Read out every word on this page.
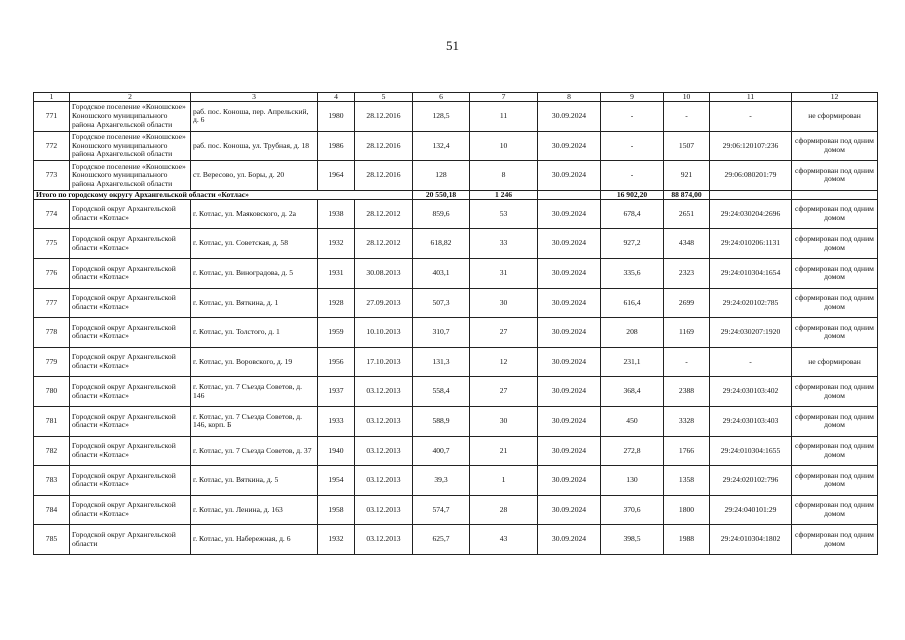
51
1	2	3	4	5	6	7	8	9	10	11	12
771	Городское поселение «Коношское» Коношского муниципального района Архангельской области	раб. пос. Коноша, пер. Апрельский, д. 6	1980	28.12.2016	128,5	11	30.09.2024	-	-	-	не сформирован
772	Городское поселение «Коношское» Коношского муниципального района Архангельской области	раб. пос. Коноша, ул. Трубная, д. 18	1986	28.12.2016	132,4	10	30.09.2024	-	1507	29:06:120107:236	сформирован под одним домом
773	Городское поселение «Коношское» Коношского муниципального района Архангельской области	ст. Вересово, ул. Боры, д. 20	1964	28.12.2016	128	8	30.09.2024	-	921	29:06:080201:79	сформирован под одним домом
Итого по городскому округу Архангельской области «Котлас»					20 550,18	1 246		16 902,20	88 874,00		
774	Городской округ Архангельской области «Котлас»	г. Котлас, ул. Маяковского, д. 2а	1938	28.12.2012	859,6	53	30.09.2024	678,4	2651	29:24:030204:2696	сформирован под одним домом
775	Городской округ Архангельской области «Котлас»	г. Котлас, ул. Советская, д. 58	1932	28.12.2012	618,82	33	30.09.2024	927,2	4348	29:24:010206:1131	сформирован под одним домом
776	Городской округ Архангельской области «Котлас»	г. Котлас, ул. Виноградова, д. 5	1931	30.08.2013	403,1	31	30.09.2024	335,6	2323	29:24:010304:1654	сформирован под одним домом
777	Городской округ Архангельской области «Котлас»	г. Котлас, ул. Вяткина, д. 1	1928	27.09.2013	507,3	30	30.09.2024	616,4	2699	29:24:020102:785	сформирован под одним домом
778	Городской округ Архангельской области «Котлас»	г. Котлас, ул. Толстого, д. 1	1959	10.10.2013	310,7	27	30.09.2024	208	1169	29:24:030207:1920	сформирован под одним домом
779	Городской округ Архангельской области «Котлас»	г. Котлас, ул. Воровского, д. 19	1956	17.10.2013	131,3	12	30.09.2024	231,1	-	-	не сформирован
780	Городской округ Архангельской области «Котлас»	г. Котлас, ул. 7 Съезда Советов, д. 146	1937	03.12.2013	558,4	27	30.09.2024	368,4	2388	29:24:030103:402	сформирован под одним домом
781	Городской округ Архангельской области «Котлас»	г. Котлас, ул. 7 Съезда Советов, д. 146, корп. Б	1933	03.12.2013	588,9	30	30.09.2024	450	3328	29:24:030103:403	сформирован под одним домом
782	Городской округ Архангельской области «Котлас»	г. Котлас, ул. 7 Съезда Советов, д. 37	1940	03.12.2013	400,7	21	30.09.2024	272,8	1766	29:24:010304:1655	сформирован под одним домом
783	Городской округ Архангельской области «Котлас»	г. Котлас, ул. Вяткина, д. 5	1954	03.12.2013	39,3	1	30.09.2024	130	1358	29:24:020102:796	сформирован под одним домом
784	Городской округ Архангельской области «Котлас»	г. Котлас, ул. Ленина, д. 163	1958	03.12.2013	574,7	28	30.09.2024	370,6	1800	29:24:040101:29	сформирован под одним домом
785	Городской округ Архангельской области	г. Котлас, ул. Набережная, д. 6	1932	03.12.2013	625,7	43	30.09.2024	398,5	1988	29:24:010304:1802	сформирован под одним домом
